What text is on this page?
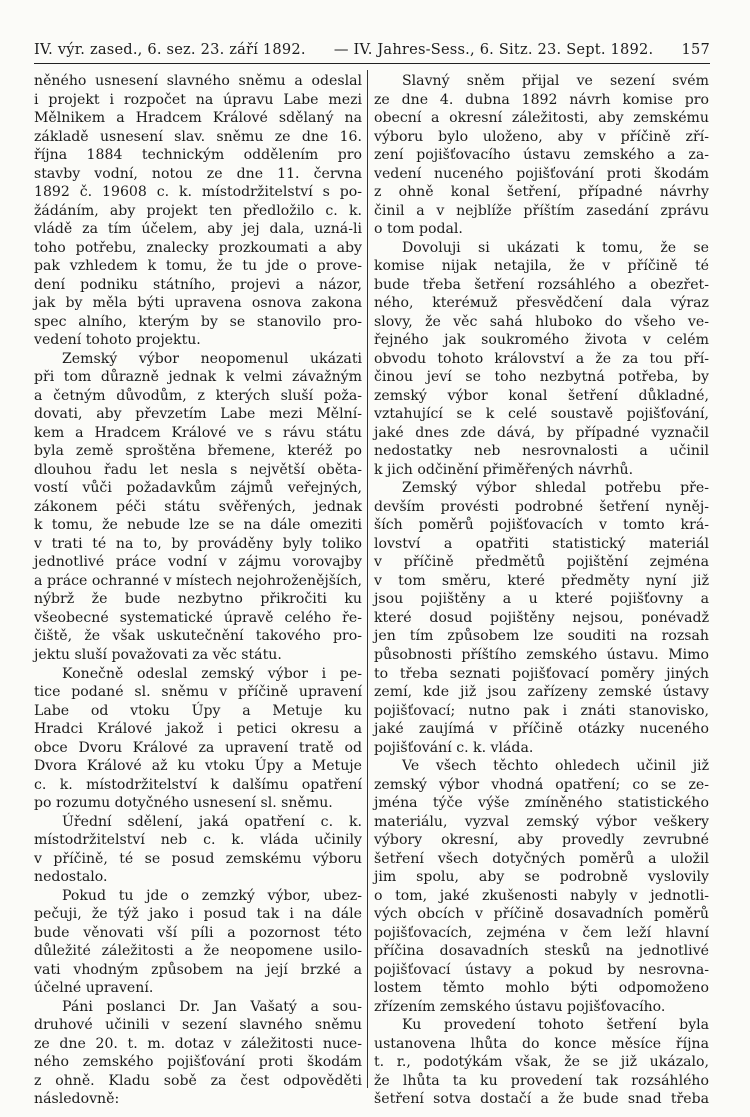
IV. výr. zased., 6. sez. 23. září 1892. — IV. Jahres-Sess., 6. Sitz. 23. Sept. 1892. 157
něného usnesení slavného sněmu a odeslal
i projekt i rozpočet na úpravu Labe mezi
Mělnikem a Hradcem Králové sdělaný na
základě usnesení slav. sněmu ze dne 16.
října 1884 technickým oddělením pro
stavby vodní, notou ze dne 11. června
1892 č. 19608 c. k. místodržitelství s po-
žádáním, aby projekt ten předložilo c. k.
vládě za tím účelem, aby jej dala, uzná-li
toho potřebu, znalecky prozkoumati a aby
pak vzhledem k tomu, že tu jde o prove-
dení podniku státního, projevi a názor,
jak by měla býti upravena osnova zakona
spec alního, kterým by se stanovilo pro-
vedení tohoto projektu.
Zemský výbor neopomenul ukázati
při tom důrazně jednak k velmi závažným
a četným důvodům, z kterých sluší poža-
dovati, aby převzetím Labe mezi Mělní-
kem a Hradcem Králové ve s rávu státu
byla země sproštěna břemene, kteréž po
dlouhou řadu let nesla s největší oběta-
vostí vůči požadavkům zájmů veřejných,
zákonem péči státu svěřených, jednak
k tomu, že nebude lze se na dále omeziti
v trati té na to, by prováděny byly toliko
jednotlivé práce vodní v zájmu vorovajby
a práce ochranné v místech nejohroženějších,
nýbrž že bude nezbytno přikročiti ku
všeobecné systematické úpravě celého ře-
čiště, že však uskutečnění takového pro-
jektu sluší považovati za věc státu.
Konečně odeslal zemský výbor i pe-
tice podané sl. sněmu v příčině upravení
Labe od vtoku Úpy a Metuje ku
Hradci Králové jakož i petici okresu a
obce Dvoru Králové za upravení tratě od
Dvora Králové až ku vtoku Úpy a Metuje
c. k. místodržitelství k dalšímu opatření
po rozumu dotyčného usnesení sl. sněmu.
Úřední sdělení, jaká opatření c. k.
místodržitelství neb c. k. vláda učinily
v příčině, té se posud zemskému výboru
nedostalo.
Pokud tu jde o zemzký výbor, ubez-
pečuji, že týž jako i posud tak i na dále
bude věnovati vší píli a pozornost této
důležité záležitosti a že neopomene usilo-
vati vhodným způsobem na její brzké a
účelné upravení.
Páni poslanci Dr. Jan Vašatý a sou-
druhové učinili v sezení slavného sněmu
ze dne 20. t. m. dotaz v záležitosti nuce-
ného zemského pojišťování proti škodám
z ohně. Kladu sobě za čest odpověděti
následovně:
Slavný sněm přijal ve sezení svém
ze dne 4. dubna 1892 návrh komise pro
obecní a okresní záležitosti, aby zemskému
výboru bylo uloženo, aby v příčině zří-
zení pojišťovacího ústavu zemského a za-
vedení nuceného pojišťování proti škodám
z ohně konal šetření, případné návrhy
činil a v nejblíže příštím zasedání zprávu
o tom podal.
Dovoluji si ukázati k tomu, že se
komise nijak netajila, že v příčině té
bude třeba šetření rozsáhlého a obezřet-
ného, kteréмuž přesvědčení dala výraz
slovy, že věc sahá hluboko do všeho ve-
řejného jak soukromého života v celém
obvodu tohoto království a že za tou pří-
činou jeví se toho nezbytná potřeba, by
zemský výbor konal šetření důkladné,
vztahující se k celé soustavě pojišťování,
jaké dnes zde dává, by případné vyznačil
nedostatky neb nesrovnalosti a učinil
k jich odčinění přiměřených návrhů.
Zemský výbor shledal potřebu pře-
devším provésti podrobné šetření nyněj-
ších poměrů pojišťovacích v tomto krá-
lovství a opatřiti statistický materiál
v příčině předmětů pojištění zejména
v tom směru, které předměty nyní již
jsou pojištěny a u které pojišťovny a
které dosud pojištěny nejsou, ponévadž
jen tím způsobem lze souditi na rozsah
působnosti příštího zemského ústavu. Mimo
to třeba seznati pojišťovací poměry jiných
zemí, kde již jsou zařízeny zemské ústavy
pojišťovací; nutno pak i znáti stanovisko,
jaké zaujímá v příčině otázky nuceného
pojišťování c. k. vláda.
Ve všech těchto ohledech učinil již
zemský výbor vhodná opatření; co se ze-
jména týče výše zmíněného statistického
materiálu, vyzval zemský výbor veškery
výbory okresní, aby provedly zevrubné
šetření všech dotyčných poměrů a uložil
jim spolu, aby se podrobně vyslovily
o tom, jaké zkušenosti nabyly v jednotli-
vých obcích v příčině dosavadních poměrů
pojišťovacích, zejména v čem leží hlavní
příčina dosavadních stesků na jednotlivé
pojišťovací ústavy a pokud by nesrovna-
lostem těmto mohlo býti odpomoženo
zřízením zemského ústavu pojišťovacího.
Ku provedení tohoto šetření byla
ustanovena lhůta do konce měsíce října
t. r., podotýkám však, že se již ukázalo,
že lhůta ta ku provedení tak rozsáhlého
šetření sotva dostačí a že bude snad třeba
